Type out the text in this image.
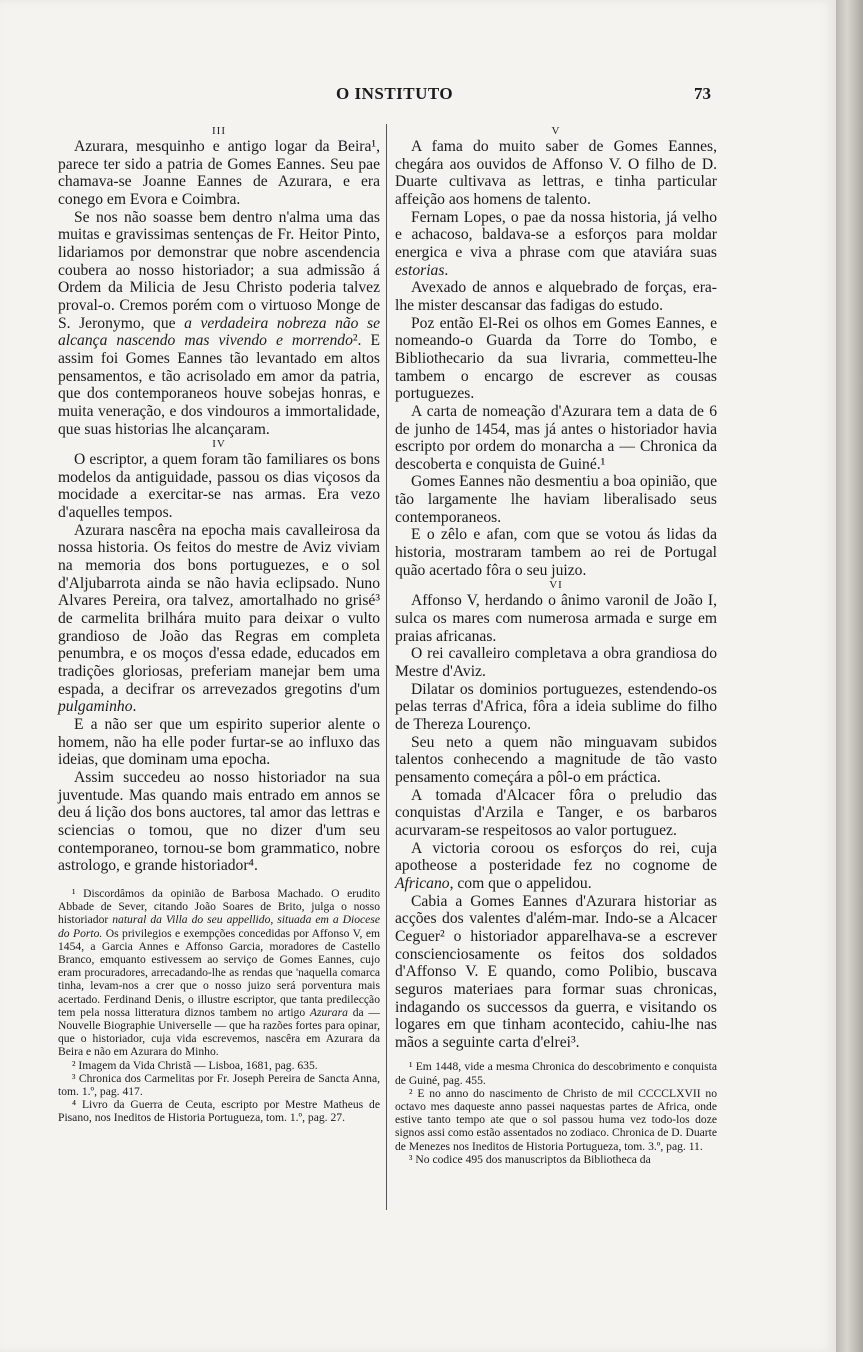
O INSTITUTO	73
III

Azurara, mesquinho e antigo logar da Beira¹, parece ter sido a patria de Gomes Eannes. Seu pae chamava-se Joanne Eannes de Azurara, e era conego em Evora e Coimbra.

Se nos não soasse bem dentro n'alma uma das muitas e gravissimas sentenças de Fr. Heitor Pinto, lidariamos por demonstrar que nobre ascendencia coubera ao nosso historiador; a sua admissão á Ordem da Milicia de Jesu Christo poderia talvez proval-o. Cremos porém com o virtuoso Monge de S. Jeronymo, que a verdadeira nobreza não se alcança nascendo mas vivendo e morrendo². E assim foi Gomes Eannes tão levantado em altos pensamentos, e tão acrisolado em amor da patria, que dos contemporaneos houve sobejas honras, e muita veneração, e dos vindouros a immortalidade, que suas historias lhe alcançaram.

IV

O escriptor, a quem foram tão familiares os bons modelos da antiguidade, passou os dias viçosos da mocidade a exercitar-se nas armas. Era vezo d'aquelles tempos.

Azurara nascêra na epocha mais cavalleirosa da nossa historia. Os feitos do mestre de Aviz viviam na memoria dos bons portuguezes, e o sol d'Aljubarrota ainda se não havia eclipsado. Nuno Alvares Pereira, ora talvez, amortalhado no grisé³ de carmelita brilhára muito para deixar o vulto grandioso de João das Regras em completa penumbra, e os moços d'essa edade, educados em tradições gloriosas, preferiam manejar bem uma espada, a decifrar os arrevezados gregotins d'um pulgaminho.

E a não ser que um espirito superior alente o homem, não ha elle poder furtar-se ao influxo das ideias, que dominam uma epocha.

Assim succedeu ao nosso historiador na sua juventude. Mas quando mais entrado em annos se deu á lição dos bons auctores, tal amor das lettras e sciencias o tomou, que no dizer d'um seu contemporaneo, tornou-se bom grammatico, nobre astrologo, e grande historiador⁴.

¹ Discordâmos da opinião de Barbosa Machado. O erudito Abbade de Sever, citando João Soares de Brito, julga o nosso historiador natural da Villa do seu appellido, situada em a Diocese do Porto. Os privilegios e exempções concedidas por Affonso V, em 1454, a Garcia Annes e Affonso Garcia, moradores de Castello Branco, emquanto estivessem ao serviço de Gomes Eannes, cujo eram procuradores, arrecadando-lhe as rendas que 'naquella comarca tinha, levam-nos a crer que o nosso juizo será porventura mais acertado. Ferdinand Denis, o illustre escriptor, que tanta predilecção tem pela nossa litteratura diznos tambem no artigo Azurara da — Nouvelle Biographie Universelle — que ha razões fortes para opinar, que o historiador, cuja vida escrevemos, nascêra em Azurara da Beira e não em Azurara do Minho.

² Imagem da Vida Christã — Lisboa, 1681, pag. 635.

³ Chronica dos Carmelitas por Fr. Joseph Pereira de Sancta Anna, tom. 1.º, pag. 417.

⁴ Livro da Guerra de Ceuta, escripto por Mestre Matheus de Pisano, nos Ineditos de Historia Portugueza, tom. 1.º, pag. 27.

V

A fama do muito saber de Gomes Eannes, chegára aos ouvidos de Affonso V. O filho de D. Duarte cultivava as lettras, e tinha particular affeição aos homens de talento.

Fernam Lopes, o pae da nossa historia, já velho e achacoso, baldava-se a esforços para moldar energica e viva a phrase com que ataviára suas estorias.

Avexado de annos e alquebrado de forças, era-lhe mister descansar das fadigas do estudo.

Poz então El-Rei os olhos em Gomes Eannes, e nomeando-o Guarda da Torre do Tombo, e Bibliothecario da sua livraria, commetteu-lhe tambem o encargo de escrever as cousas portuguezes.

A carta de nomeação d'Azurara tem a data de 6 de junho de 1454, mas já antes o historiador havia escripto por ordem do monarcha a — Chronica da descoberta e conquista de Guiné.¹

Gomes Eannes não desmentiu a boa opinião, que tão largamente lhe haviam liberalisado seus contemporaneos.

E o zêlo e afan, com que se votou ás lidas da historia, mostraram tambem ao rei de Portugal quão acertado fôra o seu juizo.

VI

Affonso V, herdando o ânimo varonil de João I, sulca os mares com numerosa armada e surge em praias africanas.

O rei cavalleiro completava a obra grandiosa do Mestre d'Aviz.

Dilatar os dominios portuguezes, estendendo-os pelas terras d'Africa, fôra a ideia sublime do filho de Thereza Lourenço.

Seu neto a quem não minguavam subidos talentos conhecendo a magnitude de tão vasto pensamento começára a pôl-o em práctica.

A tomada d'Alcacer fôra o preludio das conquistas d'Arzila e Tanger, e os barbaros acurvaram-se respeitosos ao valor portuguez.

A victoria coroou os esforços do rei, cuja apotheose a posteridade fez no cognome de Africano, com que o appelidou.

Cabia a Gomes Eannes d'Azurara historiar as acções dos valentes d'além-mar. Indo-se a Alcacer Ceguer² o historiador apparelhava-se a escrever conscienciosamente os feitos dos soldados d'Affonso V. E quando, como Polibio, buscava seguros materiaes para formar suas chronicas, indagando os successos da guerra, e visitando os logares em que tinham acontecido, cahiu-lhe nas mãos a seguinte carta d'elrei³.

¹ Em 1448, vide a mesma Chronica do descobrimento e conquista de Guiné, pag. 455.

² E no anno do nascimento de Christo de mil CCCCLXVII no octavo mes daqueste anno passei naquestas partes de Africa, onde estive tanto tempo ate que o sol passou huma vez todo-los doze signos assi como estão assentados no zodiaco. Chronica de D. Duarte de Menezes nos Ineditos de Historia Portugueza, tom. 3.º, pag. 11.

³ No codice 495 dos manuscriptos da Bibliotheca da
